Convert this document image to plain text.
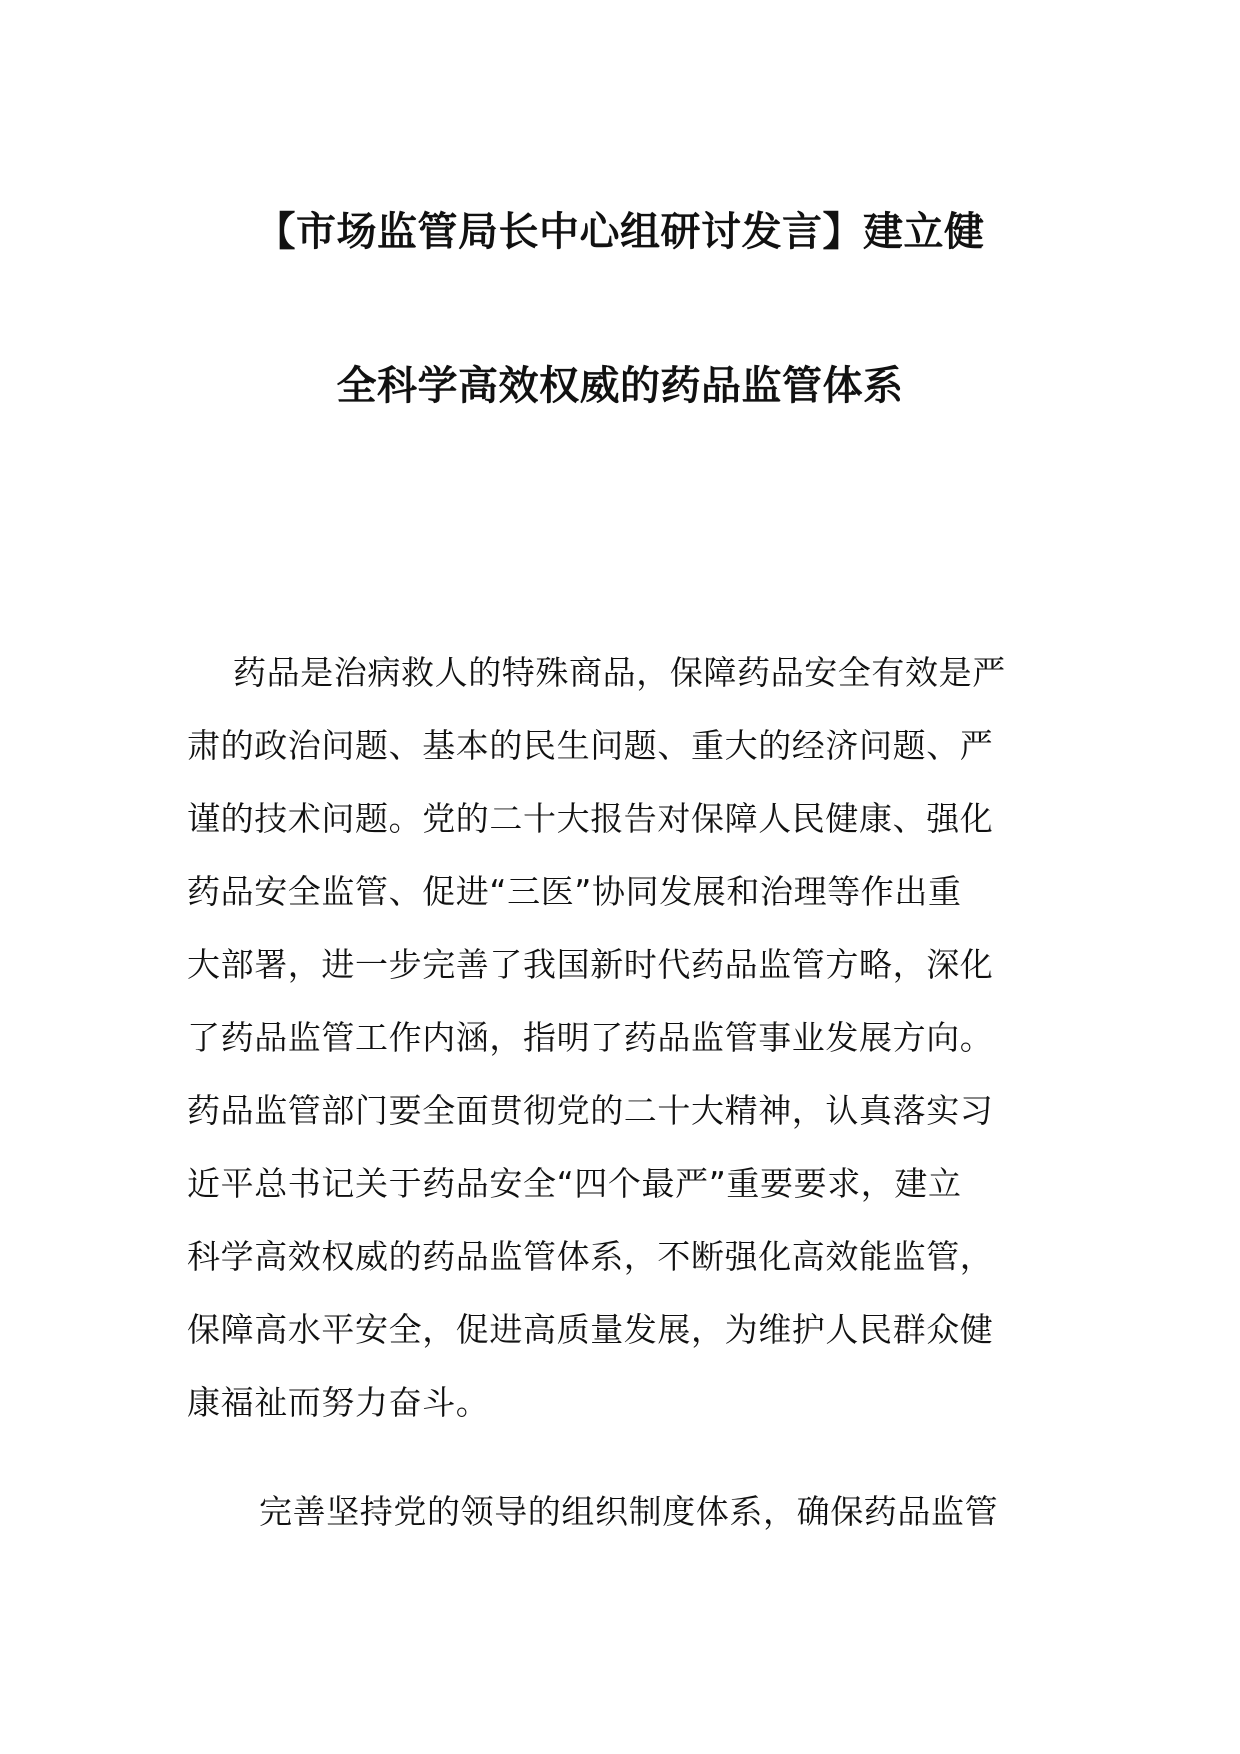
【市场监管局长中心组研讨发言】建立健
全科学高效权威的药品监管体系
药品是治病救人的特殊商品，保障药品安全有效是严
肃的政治问题、基本的民生问题、重大的经济问题、严
谨的技术问题。党的二十大报告对保障人民健康、强化
药品安全监管、促进“三医”协同发展和治理等作出重
大部署，进一步完善了我国新时代药品监管方略，深化
了药品监管工作内涵，指明了药品监管事业发展方向。
药品监管部门要全面贯彻党的二十大精神，认真落实习
近平总书记关于药品安全“四个最严”重要要求，建立
科学高效权威的药品监管体系，不断强化高效能监管，
保障高水平安全，促进高质量发展，为维护人民群众健
康福祉而努力奋斗。
完善坚持党的领导的组织制度体系，确保药品监管
